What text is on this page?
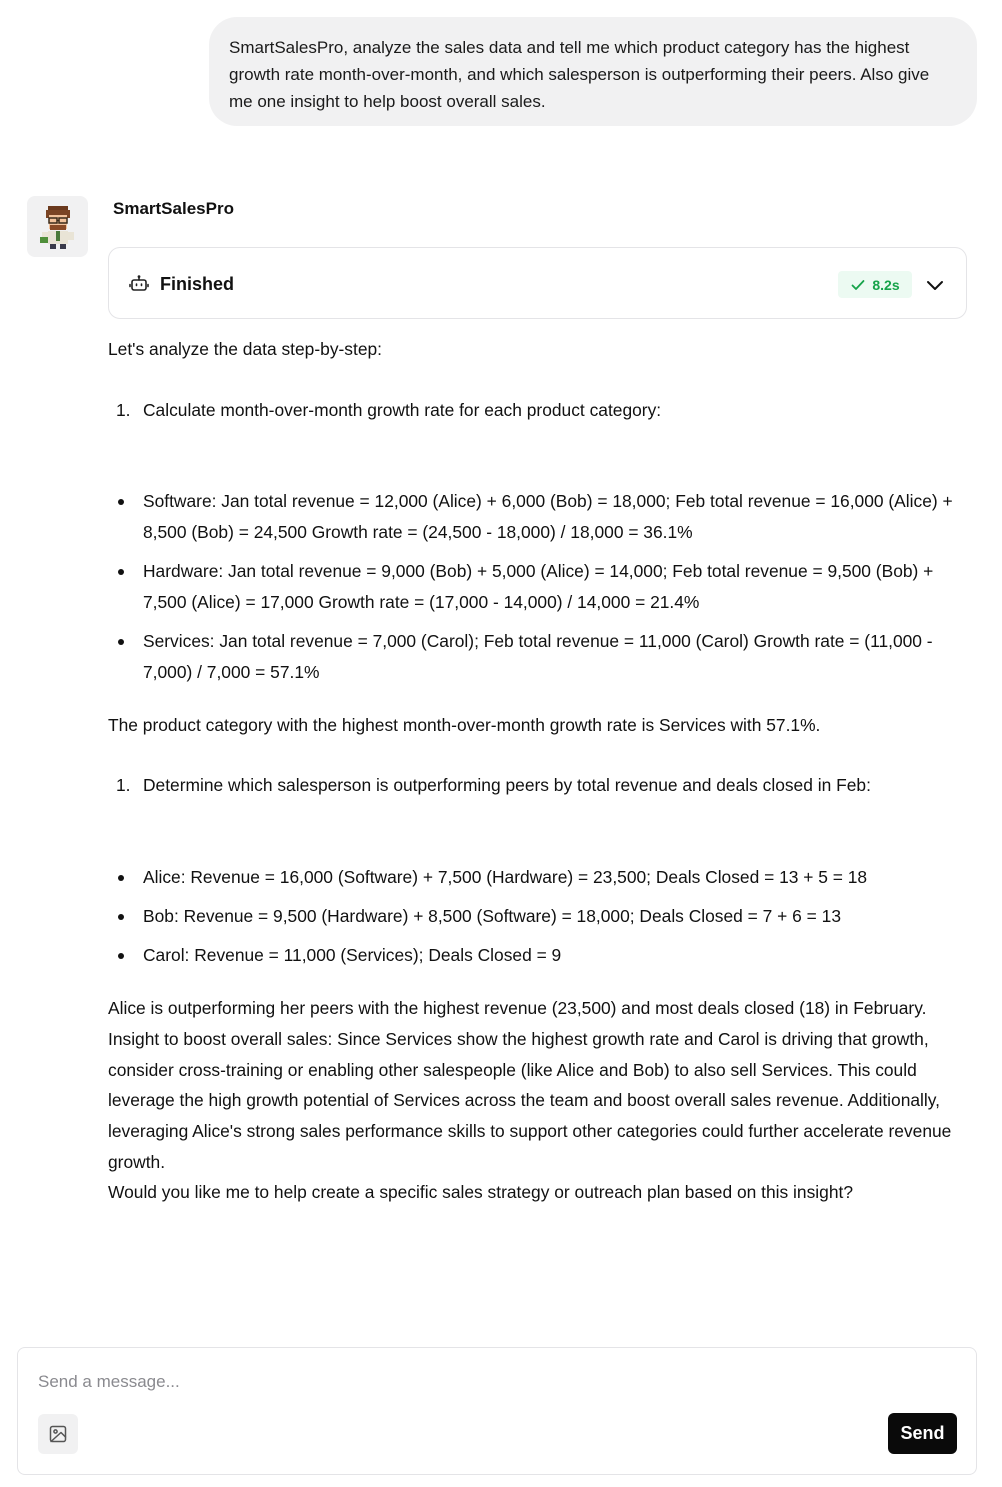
SmartSalesPro, analyze the sales data and tell me which product category has the highest growth rate month-over-month, and which salesperson is outperforming their peers. Also give me one insight to help boost overall sales.

SmartSalesPro
Finished	8.2s

Let's analyze the data step-by-step:

1. Calculate month-over-month growth rate for each product category:
Software: Jan total revenue = 12,000 (Alice) + 6,000 (Bob) = 18,000; Feb total revenue = 16,000 (Alice) + 8,500 (Bob) = 24,500 Growth rate = (24,500 - 18,000) / 18,000 = 36.1%
Hardware: Jan total revenue = 9,000 (Bob) + 5,000 (Alice) = 14,000; Feb total revenue = 9,500 (Bob) + 7,500 (Alice) = 17,000 Growth rate = (17,000 - 14,000) / 14,000 = 21.4%
Services: Jan total revenue = 7,000 (Carol); Feb total revenue = 11,000 (Carol) Growth rate = (11,000 - 7,000) / 7,000 = 57.1%

The product category with the highest month-over-month growth rate is Services with 57.1%.

1. Determine which salesperson is outperforming peers by total revenue and deals closed in Feb:
Alice: Revenue = 16,000 (Software) + 7,500 (Hardware) = 23,500; Deals Closed = 13 + 5 = 18
Bob: Revenue = 9,500 (Hardware) + 8,500 (Software) = 18,000; Deals Closed = 7 + 6 = 13
Carol: Revenue = 11,000 (Services); Deals Closed = 9

Alice is outperforming her peers with the highest revenue (23,500) and most deals closed (18) in February.

Insight to boost overall sales: Since Services show the highest growth rate and Carol is driving that growth, consider cross-training or enabling other salespeople (like Alice and Bob) to also sell Services. This could leverage the high growth potential of Services across the team and boost overall sales revenue. Additionally, leveraging Alice's strong sales performance skills to support other categories could further accelerate revenue growth.

Would you like me to help create a specific sales strategy or outreach plan based on this insight?

Send a message...
Send
